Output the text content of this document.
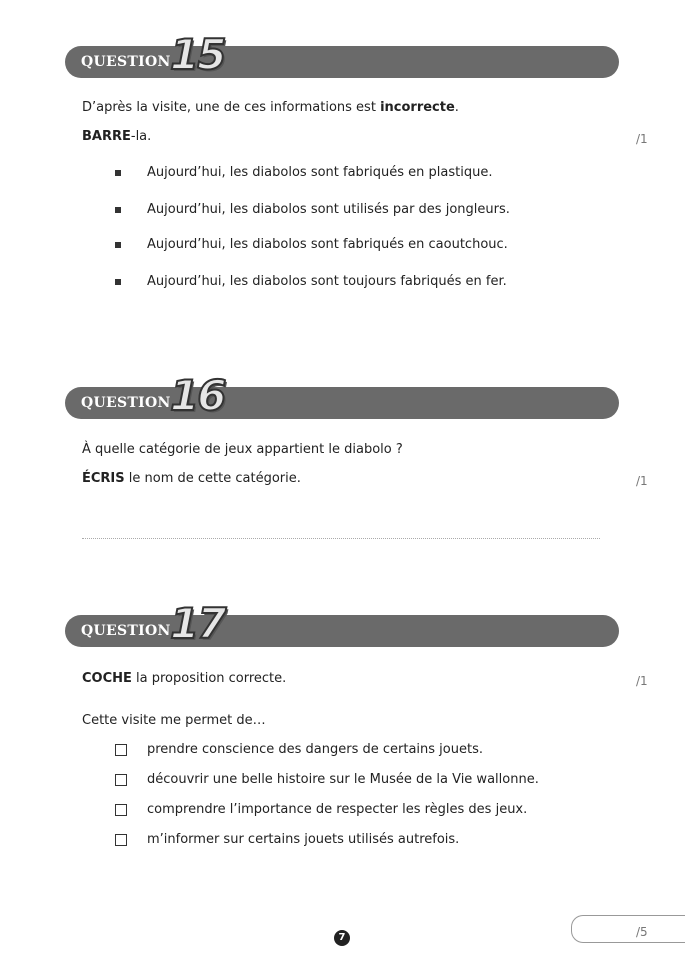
QUESTION 15
D’après la visite, une de ces informations est incorrecte.
BARRE-la.	/1
Aujourd’hui, les diabolos sont fabriqués en plastique.
Aujourd’hui, les diabolos sont utilisés par des jongleurs.
Aujourd’hui, les diabolos sont fabriqués en caoutchouc.
Aujourd’hui, les diabolos sont toujours fabriqués en fer.
QUESTION 16
À quelle catégorie de jeux appartient le diabolo ?
ÉCRIS le nom de cette catégorie.	/1
QUESTION 17
COCHE la proposition correcte.	/1
Cette visite me permet de…
prendre conscience des dangers de certains jouets.
découvrir une belle histoire sur le Musée de la Vie wallonne.
comprendre l’importance de respecter les règles des jeux.
m’informer sur certains jouets utilisés autrefois.
7	/5
